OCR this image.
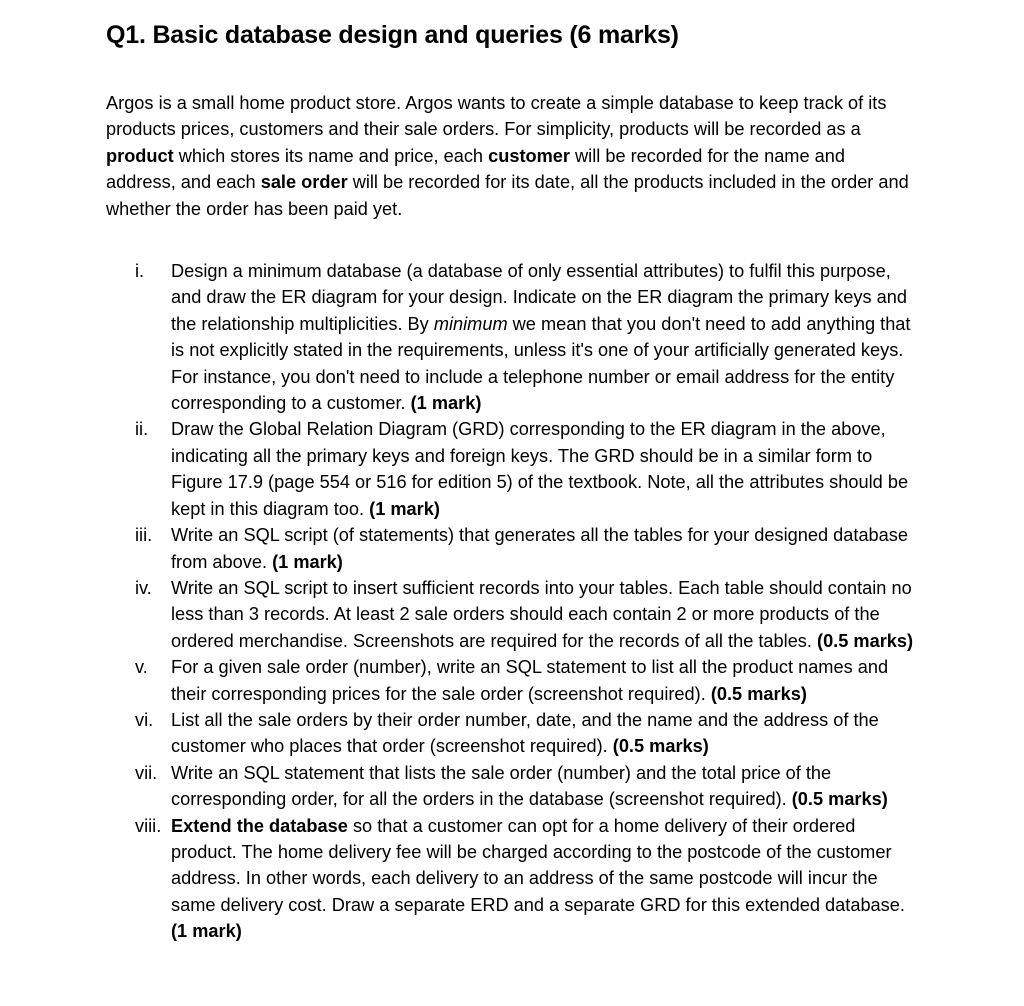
Q1. Basic database design and queries (6 marks)

Argos is a small home product store. Argos wants to create a simple database to keep track of its products prices, customers and their sale orders. For simplicity, products will be recorded as a product which stores its name and price, each customer will be recorded for the name and address, and each sale order will be recorded for its date, all the products included in the order and whether the order has been paid yet.

i.	Design a minimum database (a database of only essential attributes) to fulfil this purpose, and draw the ER diagram for your design. Indicate on the ER diagram the primary keys and the relationship multiplicities. By minimum we mean that you don't need to add anything that is not explicitly stated in the requirements, unless it's one of your artificially generated keys. For instance, you don't need to include a telephone number or email address for the entity corresponding to a customer. (1 mark)
ii.	Draw the Global Relation Diagram (GRD) corresponding to the ER diagram in the above, indicating all the primary keys and foreign keys. The GRD should be in a similar form to Figure 17.9 (page 554 or 516 for edition 5) of the textbook. Note, all the attributes should be kept in this diagram too. (1 mark)
iii.	Write an SQL script (of statements) that generates all the tables for your designed database from above. (1 mark)
iv.	Write an SQL script to insert sufficient records into your tables. Each table should contain no less than 3 records. At least 2 sale orders should each contain 2 or more products of the ordered merchandise. Screenshots are required for the records of all the tables. (0.5 marks)
v.	For a given sale order (number), write an SQL statement to list all the product names and their corresponding prices for the sale order (screenshot required). (0.5 marks)
vi. List all the sale orders by their order number, date, and the name and the address of the customer who places that order (screenshot required). (0.5 marks)
vii. Write an SQL statement that lists the sale order (number) and the total price of the corresponding order, for all the orders in the database (screenshot required). (0.5 marks)
viii. Extend the database so that a customer can opt for a home delivery of their ordered product. The home delivery fee will be charged according to the postcode of the customer address. In other words, each delivery to an address of the same postcode will incur the same delivery cost. Draw a separate ERD and a separate GRD for this extended database. (1 mark)
